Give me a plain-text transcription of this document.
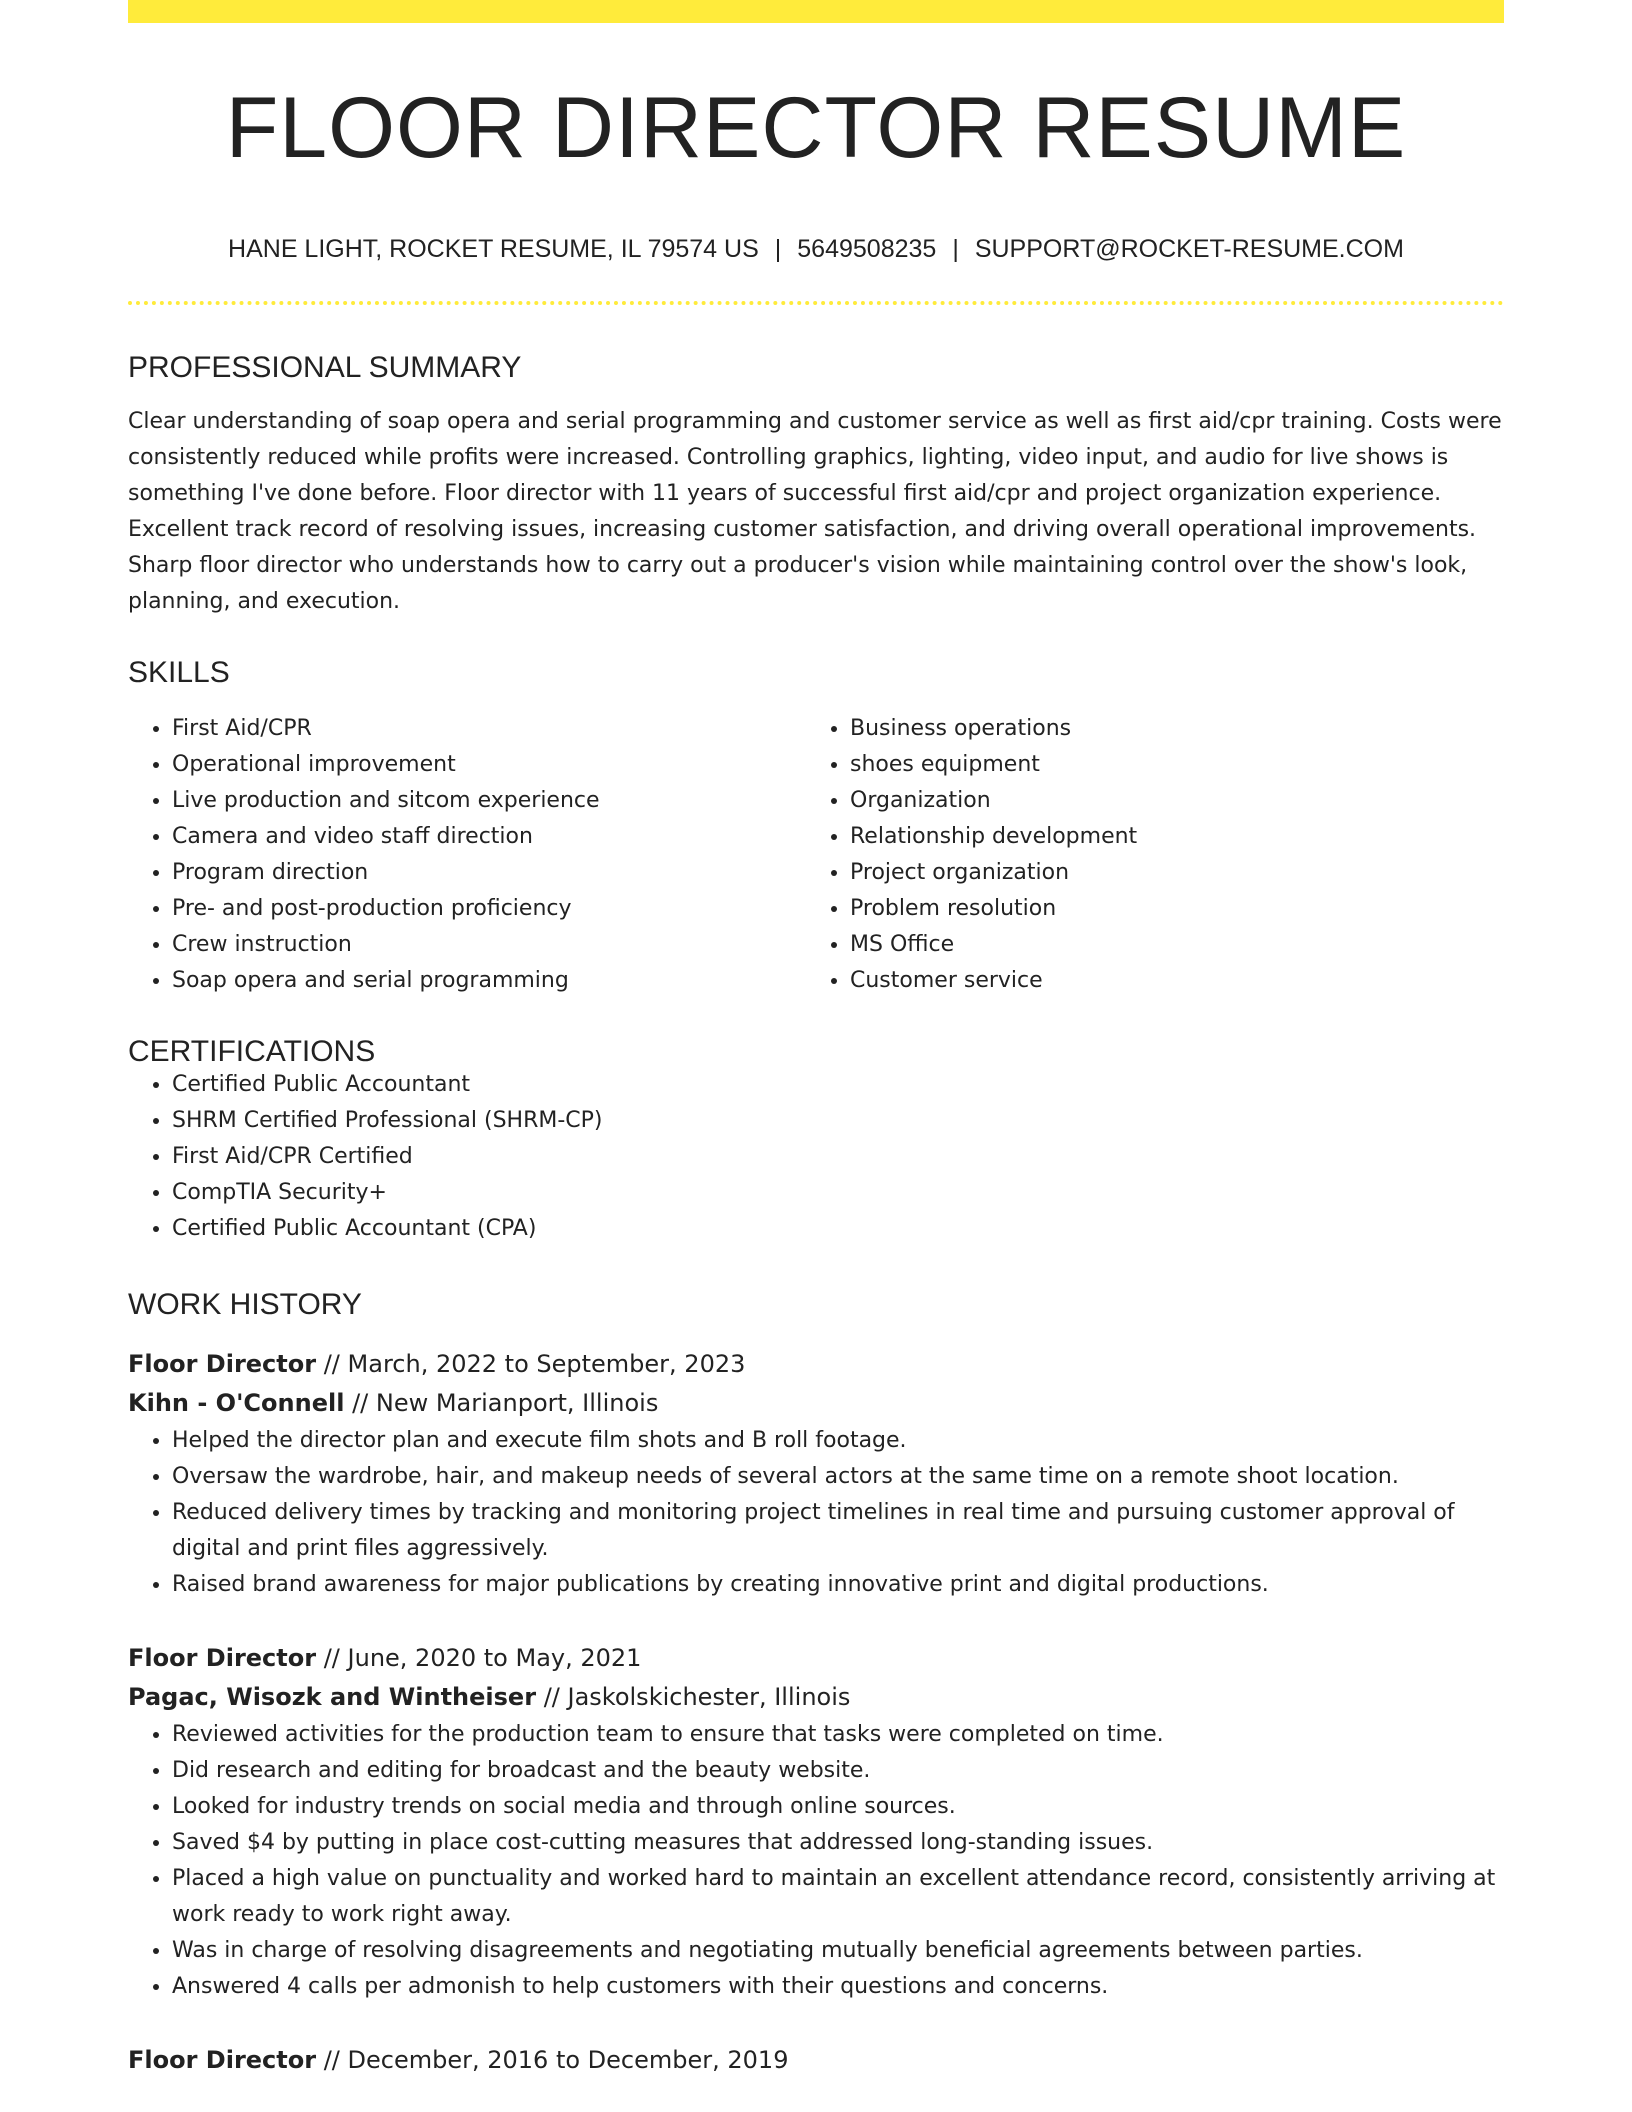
FLOOR DIRECTOR RESUME
HANE LIGHT, ROCKET RESUME, IL 79574 US | 5649508235 | SUPPORT@ROCKET-RESUME.COM
PROFESSIONAL SUMMARY

Clear understanding of soap opera and serial programming and customer service as well as first aid/cpr training. Costs were consistently reduced while profits were increased. Controlling graphics, lighting, video input, and audio for live shows is something I've done before. Floor director with 11 years of successful first aid/cpr and project organization experience. Excellent track record of resolving issues, increasing customer satisfaction, and driving overall operational improvements. Sharp floor director who understands how to carry out a producer's vision while maintaining control over the show's look, planning, and execution.

SKILLS
• First Aid/CPR
• Operational improvement
• Live production and sitcom experience
• Camera and video staff direction
• Program direction
• Pre- and post-production proficiency
• Crew instruction
• Soap opera and serial programming
• Business operations
• shoes equipment
• Organization
• Relationship development
• Project organization
• Problem resolution
• MS Office
• Customer service
CERTIFICATIONS
• Certified Public Accountant
• SHRM Certified Professional (SHRM-CP)
• First Aid/CPR Certified
• CompTIA Security+
• Certified Public Accountant (CPA)
WORK HISTORY
Floor Director // March, 2022 to September, 2023
Kihn - O'Connell // New Marianport, Illinois
• Helped the director plan and execute film shots and B roll footage.
• Oversaw the wardrobe, hair, and makeup needs of several actors at the same time on a remote shoot location.
• Reduced delivery times by tracking and monitoring project timelines in real time and pursuing customer approval of digital and print files aggressively.
• Raised brand awareness for major publications by creating innovative print and digital productions.
Floor Director // June, 2020 to May, 2021
Pagac, Wisozk and Wintheiser // Jaskolskichester, Illinois
• Reviewed activities for the production team to ensure that tasks were completed on time.
• Did research and editing for broadcast and the beauty website.
• Looked for industry trends on social media and through online sources.
• Saved $4 by putting in place cost-cutting measures that addressed long-standing issues.
• Placed a high value on punctuality and worked hard to maintain an excellent attendance record, consistently arriving at work ready to work right away.
• Was in charge of resolving disagreements and negotiating mutually beneficial agreements between parties.
• Answered 4 calls per admonish to help customers with their questions and concerns.
Floor Director // December, 2016 to December, 2019
